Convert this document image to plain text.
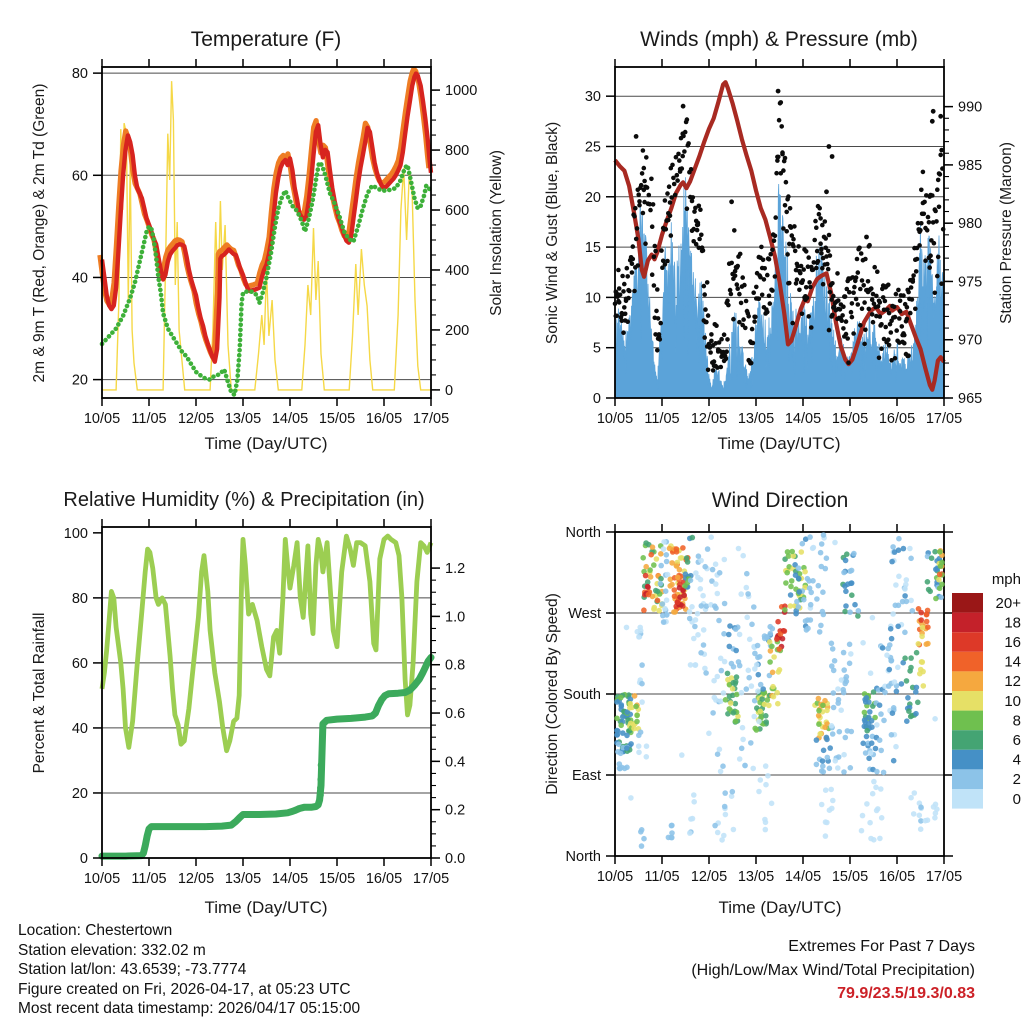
10/05 11/05 12/05 13/05 14/05 15/05 16/05 17/05
20
40
60
80
0
200
400
600
800
1000
10/05 11/05 12/05 13/05 14/05 15/05 16/05 17/05
0
5
10
15
20
25
30
965
970
975
980
985
990
10/05 11/05 12/05 13/05 14/05 15/05 16/05 17/05
0
20
40
60
80
100
0.0
0.2
0.4
0.6
0.8
1.0
1.2
10/05 11/05 12/05 13/05 14/05 15/05 16/05 17/05
North
West
South
East
North
20+
18
16
14
12
10
8
6
4
2
0
Temperature (F)	Winds (mph) & Pressure (mb)
Relative Humidity (%) & Precipitation (in)	Wind Direction
Time (Day/UTC)	Time (Day/UTC)
Time (Day/UTC)	Time (Day/UTC)
2m & 9m T (Red, Orange) & 2m Td (Green)	Solar Insolation (Yellow)	Sonic Wind & Gust (Blue, Black)	Station Pressure (Maroon)
Percent & Total Rainfall	Direction (Colored By Speed)
mph
Location: Chestertown
Station elevation: 332.02 m
Station lat/lon: 43.6539; -73.7774
Figure created on Fri, 2026-04-17, at 05:23 UTC
Most recent data timestamp: 2026/04/17 05:15:00
Extremes For Past 7 Days
(High/Low/Max Wind/Total Precipitation)
79.9/23.5/19.3/0.83
